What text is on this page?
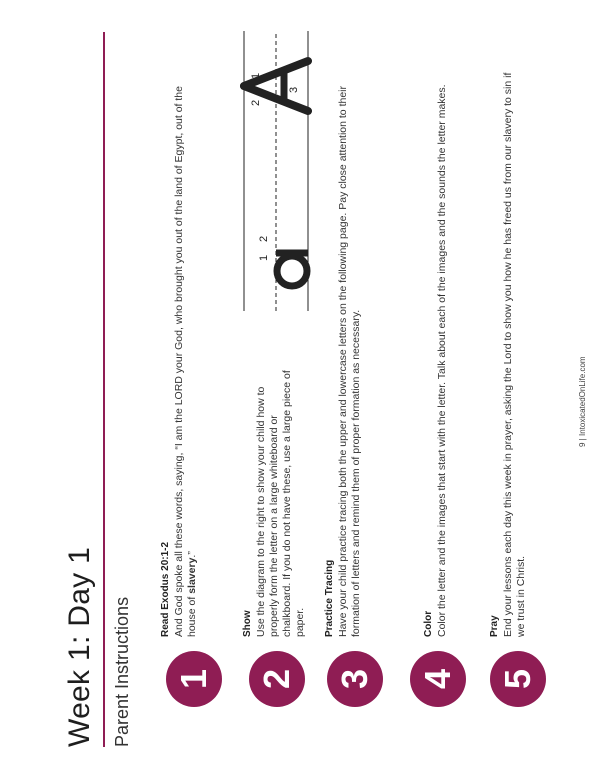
Week 1: Day 1 Parent Instructions 1
Read Exodus 20:1-2 And God spoke all these words, saying, “I am the LORD your God, who brought you out of the land of Egypt, out of the house of slavery.”
2
Show Use the diagram to the right to show your child how to properly form the letter on a large whiteboard or chalkboard. If you do not have these, use a large piece of paper.
1
2
3
1
2
3
Practice Tracing Have your child practice tracing both the upper and lowercase letters on the following page. Pay close attention to their formation of letters and remind them of proper formation as necessary.
4
Color Color the letter and the images that start with the letter. Talk about each of the images and the sounds the letter makes.
5
Pray End your lessons each day this week in prayer, asking the Lord to show you how he has freed us from our slavery to sin if we trust in Christ.
9 | IntoxicatedOnLife.com
